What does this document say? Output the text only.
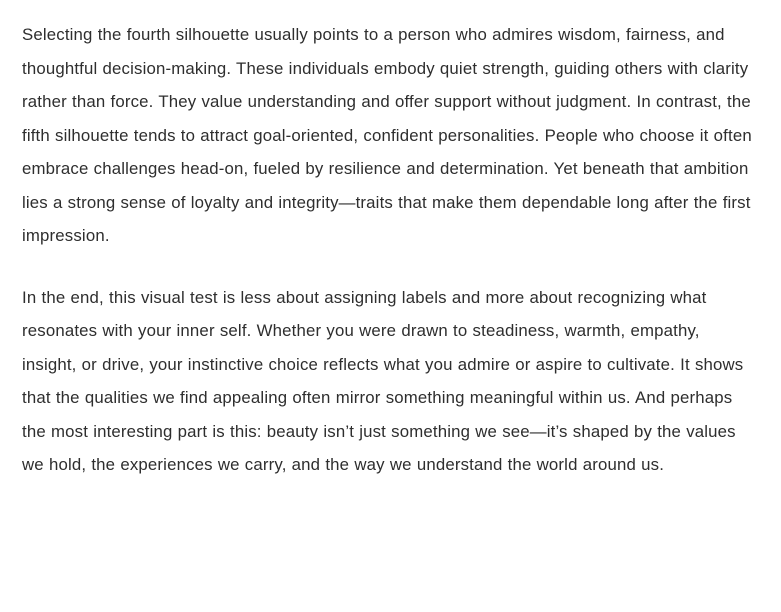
Selecting the fourth silhouette usually points to a person who admires wisdom, fairness, and thoughtful decision-making. These individuals embody quiet strength, guiding others with clarity rather than force. They value understanding and offer support without judgment. In contrast, the fifth silhouette tends to attract goal-oriented, confident personalities. People who choose it often embrace challenges head-on, fueled by resilience and determination. Yet beneath that ambition lies a strong sense of loyalty and integrity—traits that make them dependable long after the first impression.

In the end, this visual test is less about assigning labels and more about recognizing what resonates with your inner self. Whether you were drawn to steadiness, warmth, empathy, insight, or drive, your instinctive choice reflects what you admire or aspire to cultivate. It shows that the qualities we find appealing often mirror something meaningful within us. And perhaps the most interesting part is this: beauty isn’t just something we see—it’s shaped by the values we hold, the experiences we carry, and the way we understand the world around us.
